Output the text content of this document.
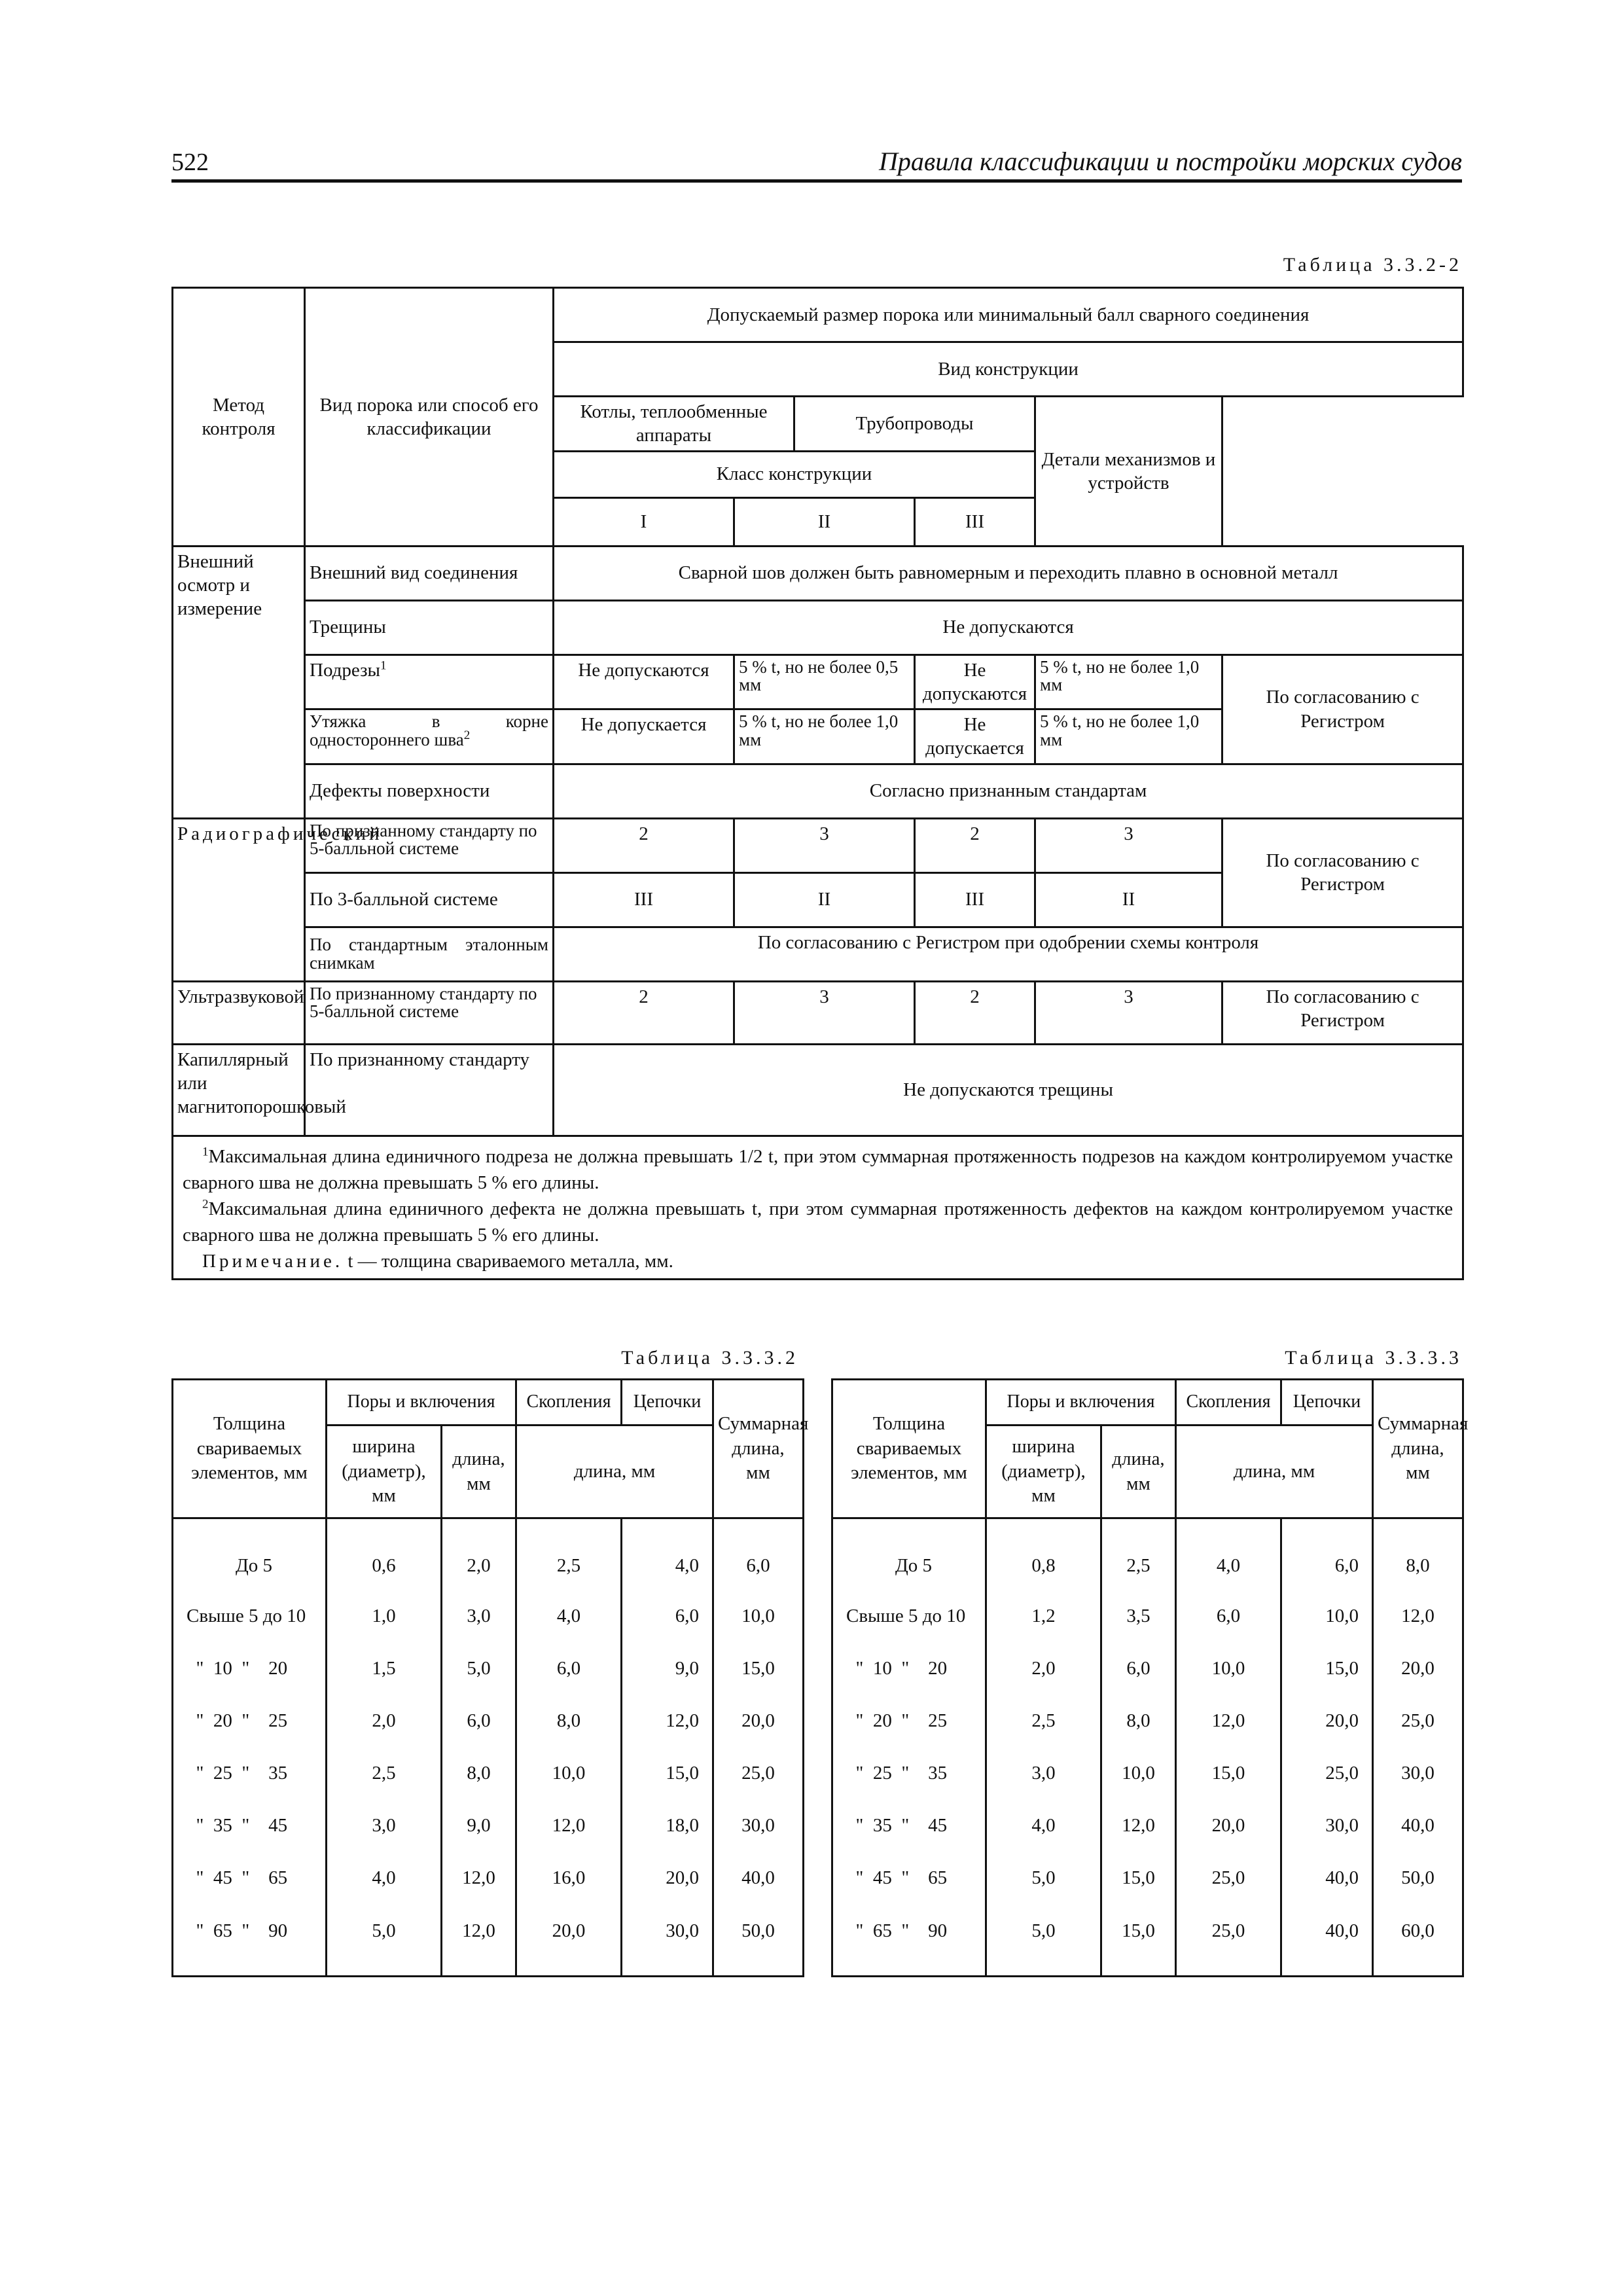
522	Правила классификации и постройки морских судов
Таблица 3.3.2-2
Метод контроля	Вид порока или способ его классификации	Допускаемый размер порока или минимальный балл сварного соединения					
		Вид конструкции					
		Котлы, теплообменные аппараты		Трубопроводы		Детали механизмов и устройств	
		Класс конструкции					
		I	II		III		
Внешний осмотр и измерение	Внешний вид соединения	Сварной шов должен быть равномерным и переходить плавно в основной металл					
	Трещины	Не допускаются					
	Подрезы$^1$	Не допускаются	5 % t, но не более 0,5 мм		Не допускаются	5 % t, но не более 1,0 мм	По согласованию с Регистром
	Утяжка в корне одностороннего шва$^2$	Не допускается	5 % t, но не более 1,0 мм		Не допускается	5 % t, но не более 1,0 мм	
	Дефекты поверхности	Согласно признанным стандартам					
Радиографический	По признанному стандарту по 5-балльной системе	2	3		2	3	По согласованию с Регистром
	По 3-балльной системе	III	II		III	II	
	По стандартным эталонным снимкам	По согласованию с Регистром при одобрении схемы контроля					
Ультразвуковой	По признанному стандарту по 5-балльной системе	2	3		2	3	По согласованию с Регистром
Капиллярный или магнитопорошковый	По признанному стандарту	Не допускаются трещины					

$^1$Максимальная длина единичного подреза не должна превышать 1/2 t, при этом суммарная протяженность подрезов на каждом контролируемом участке сварного шва не должна превышать 5 % его длины.

$^2$Максимальная длина единичного дефекта не должна превышать t, при этом суммарная протяженность дефектов на каждом контролируемом участке сварного шва не должна превышать 5 % его длины.

Примечание. t — толщина свариваемого металла, мм.							

Таблица 3.3.3.2
Толщина свариваемых элементов, мм	Поры и включения		Скопления	Цепочки	Суммарная длина, мм
	ширина (диаметр), мм	длина, мм	длина, мм		
До 5	0,6	2,0	2,5	4,0	6,0
Свыше 5 до 10	1,0	3,0	4,0	6,0	10,0
"  10  "    20	1,5	5,0	6,0	9,0	15,0
"  20  "    25	2,0	6,0	8,0	12,0	20,0
"  25  "    35	2,5	8,0	10,0	15,0	25,0
"  35  "    45	3,0	9,0	12,0	18,0	30,0
"  45  "    65	4,0	12,0	16,0	20,0	40,0
"  65  "    90	5,0	12,0	20,0	30,0	50,0
Таблица 3.3.3.3
Толщина свариваемых элементов, мм	Поры и включения		Скопления	Цепочки	Суммарная длина, мм
	ширина (диаметр), мм	длина, мм	длина, мм		
До 5	0,8	2,5	4,0	6,0	8,0
Свыше 5 до 10	1,2	3,5	6,0	10,0	12,0
"  10  "    20	2,0	6,0	10,0	15,0	20,0
"  20  "    25	2,5	8,0	12,0	20,0	25,0
"  25  "    35	3,0	10,0	15,0	25,0	30,0
"  35  "    45	4,0	12,0	20,0	30,0	40,0
"  45  "    65	5,0	15,0	25,0	40,0	50,0
"  65  "    90	5,0	15,0	25,0	40,0	60,0
